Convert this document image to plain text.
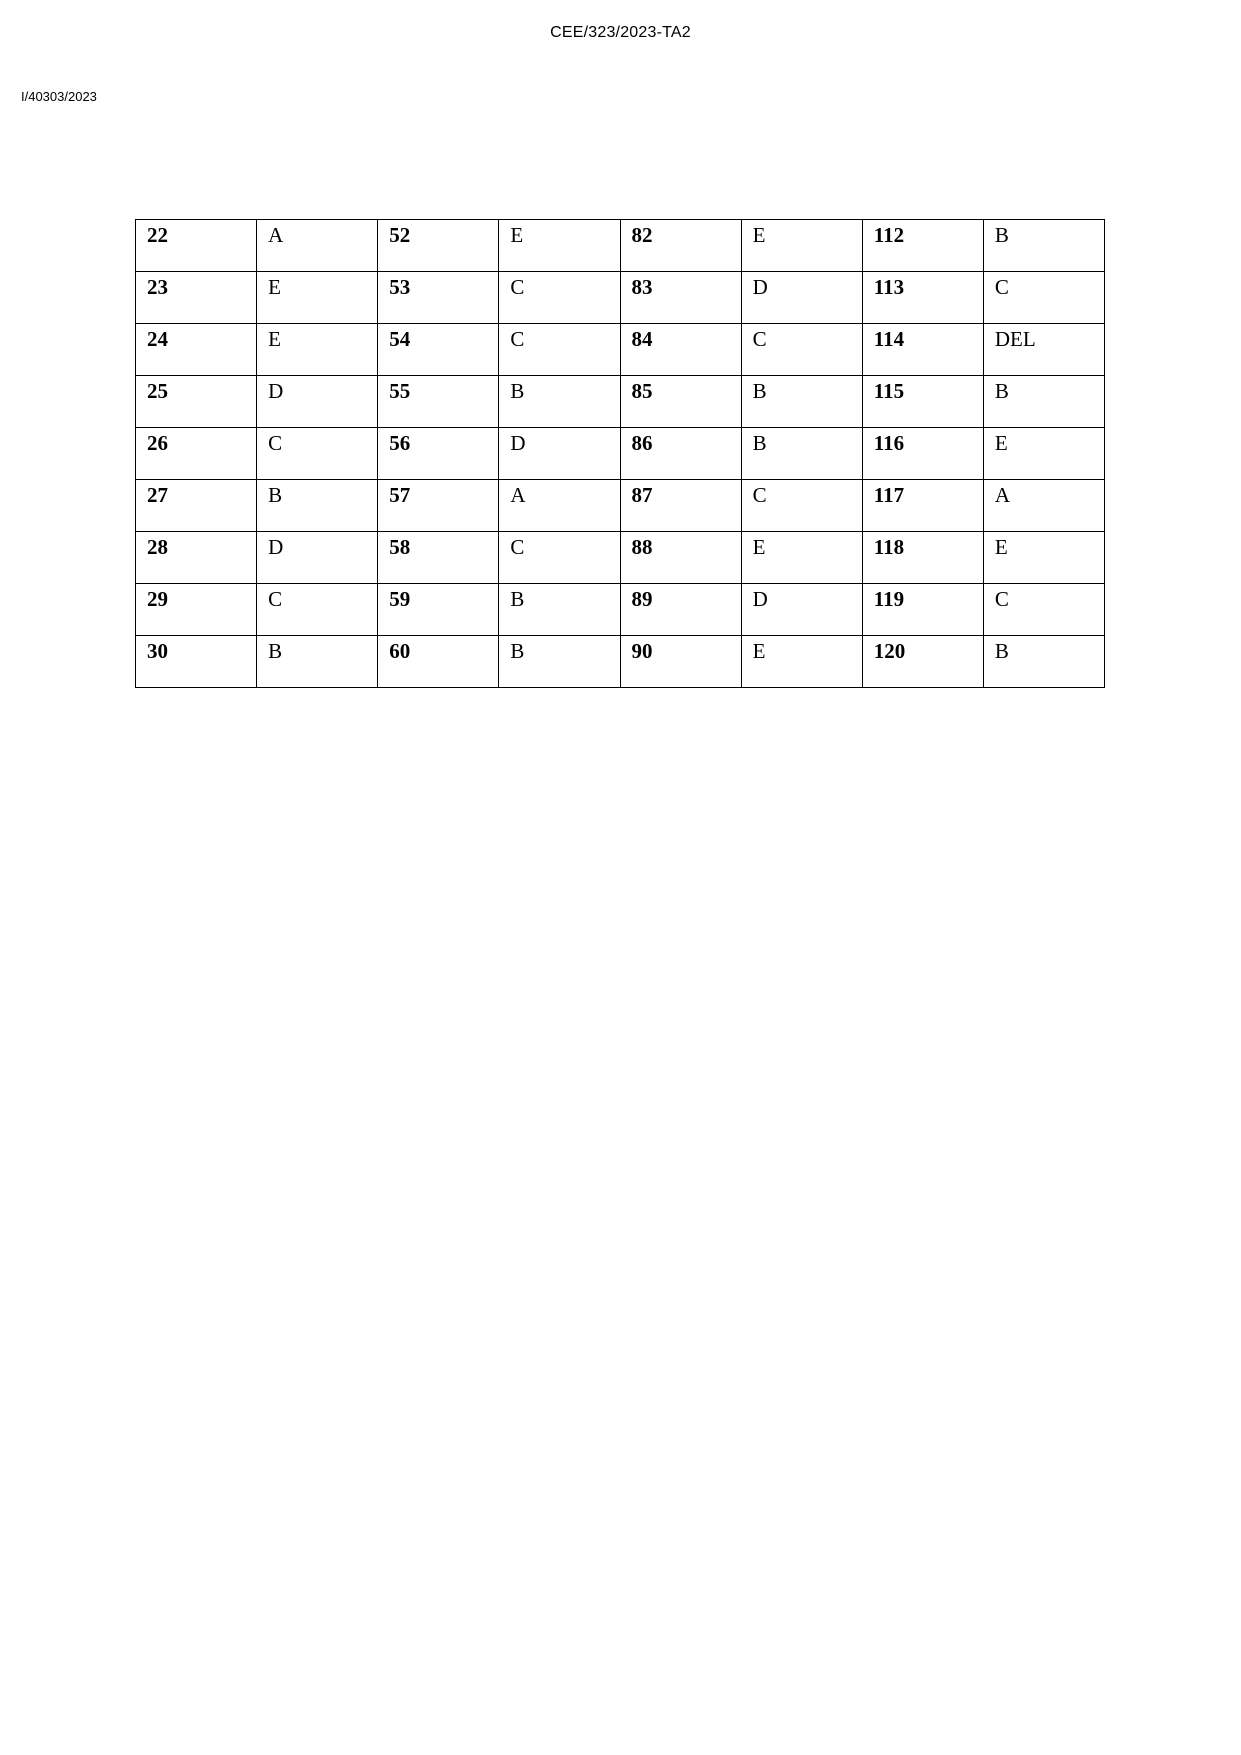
CEE/323/2023-TA2
I/40303/2023
22	A	52	E	82	E	112	B
23	E	53	C	83	D	113	C
24	E	54	C	84	C	114	DEL
25	D	55	B	85	B	115	B
26	C	56	D	86	B	116	E
27	B	57	A	87	C	117	A
28	D	58	C	88	E	118	E
29	C	59	B	89	D	119	C
30	B	60	B	90	E	120	B
